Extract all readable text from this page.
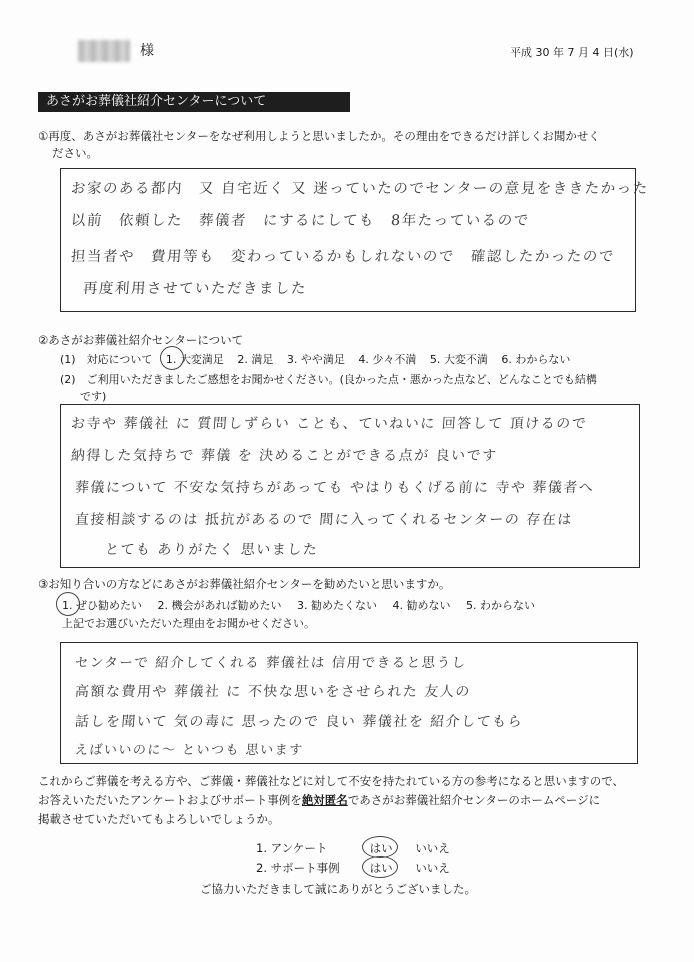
様	平成 30 年 7 月 4 日(水)
あさがお葬儀社紹介センターについて
①再度、あさがお葬儀社センターをなぜ利用しようと思いましたか。その理由をできるだけ詳しくお聞かせく
ださい。
お家のある都内　又 自宅近く 又 迷っていたのでセンターの意見をききたかった
以前　依頼した　葬儀者　にするにしても　8年たっているので
担当者や　費用等も　変わっているかもしれないので　確認したかったので
再度利用させていただきました
②あさがお葬儀社紹介センターについて
(1)　対応について 1. 大変満足 2. 満足 3. やや満足 4. 少々不満 5. 大変不満 6. わからない
(2)　ご利用いただきましたご感想をお聞かせください。(良かった点・悪かった点など、どんなことでも結構
です)
お寺や 葬儀社 に 質問しずらい ことも、ていねいに 回答して 頂けるので
納得した気持ちで 葬儀 を 決めることができる点が 良いです
葬儀について 不安な気持ちがあっても やはりもくげる前に 寺や 葬儀者へ
直接相談するのは 抵抗があるので 間に入ってくれるセンターの 存在は
とても ありがたく 思いました
③お知り合いの方などにあさがお葬儀社紹介センターを勧めたいと思いますか。
1. ぜひ勧めたい 2. 機会があれば勧めたい 3. 勧めたくない 4. 勧めない 5. わからない
上記でお選びいただいた理由をお聞かせください。
センターで 紹介してくれる 葬儀社は 信用できると思うし
高額な費用や 葬儀社 に 不快な思いをさせられた 友人の
話しを聞いて 気の毒に 思ったので 良い 葬儀社を 紹介してもら
えばいいのに〜 といつも 思います
これからご葬儀を考える方や、ご葬儀・葬儀社などに対して不安を持たれている方の参考になると思いますので、
お答えいただいたアンケートおよびサポート事例を絶対匿名であさがお葬儀社紹介センターのホームページに
掲載させていただいてもよろしいでしょうか。
1. アンケート	はい いいえ
2. サポート事例	はい いいえ
ご協力いただきまして誠にありがとうございました。
